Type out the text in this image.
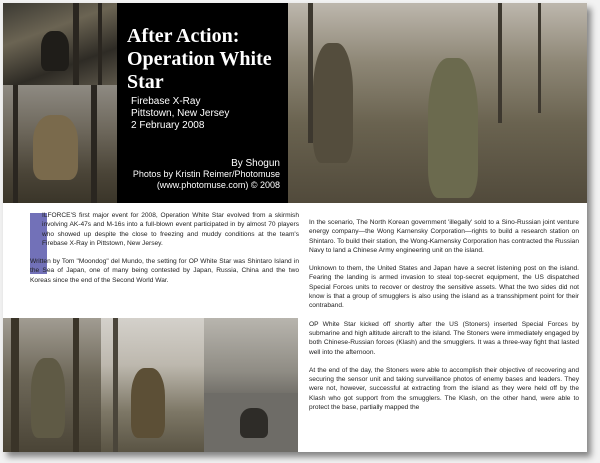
After Action: Operation White Star
Firebase X-Ray
Pittstown, New Jersey
2 February 2008
By Shogun
Photos by Kristin Reimer/Photomuse
(www.photomuse.com) © 2008

ILFORCE'S first major event for 2008, Operation White Star evolved from a skirmish involving AK-47s and M-16s into a full-blown event participated in by almost 70 players who showed up despite the close to freezing and muddy conditions at the team's Firebase X-Ray in Pittstown, New Jersey.

Written by Tom "Moondog" del Mundo, the setting for OP White Star was Shintaro Island in the Sea of Japan, one of many being contested by Japan, Russia, China and the two Koreas since the end of the Second World War.

In the scenario, The North Korean government 'illegally' sold to a Sino-Russian joint venture energy company—the Wong Karnensky Corporation—rights to build a research station on Shintaro. To build their station, the Wong-Karnensky Corporation has contracted the Russian Navy to land a Chinese Army engineering unit on the island.

Unknown to them, the United States and Japan have a secret listening post on the island. Fearing the landing is armed invasion to steal top-secret equipment, the US dispatched Special Forces units to recover or destroy the sensitive assets. What the two sides did not know is that a group of smugglers is also using the island as a transshipment point for their contraband.

OP White Star kicked off shortly after the US (Stoners) inserted Special Forces by submarine and high altitude aircraft to the island. The Stoners were immediately engaged by both Chinese-Russian forces (Klash) and the smugglers. It was a three-way fight that lasted well into the afternoon.

At the end of the day, the Stoners were able to accomplish their objective of recovering and securing the sensor unit and taking surveillance photos of enemy bases and leaders. They were not, however, successful at extracting from the island as they were held off by the Klash who got support from the smugglers. The Klash, on the other hand, were able to protect the base, partially mapped the
